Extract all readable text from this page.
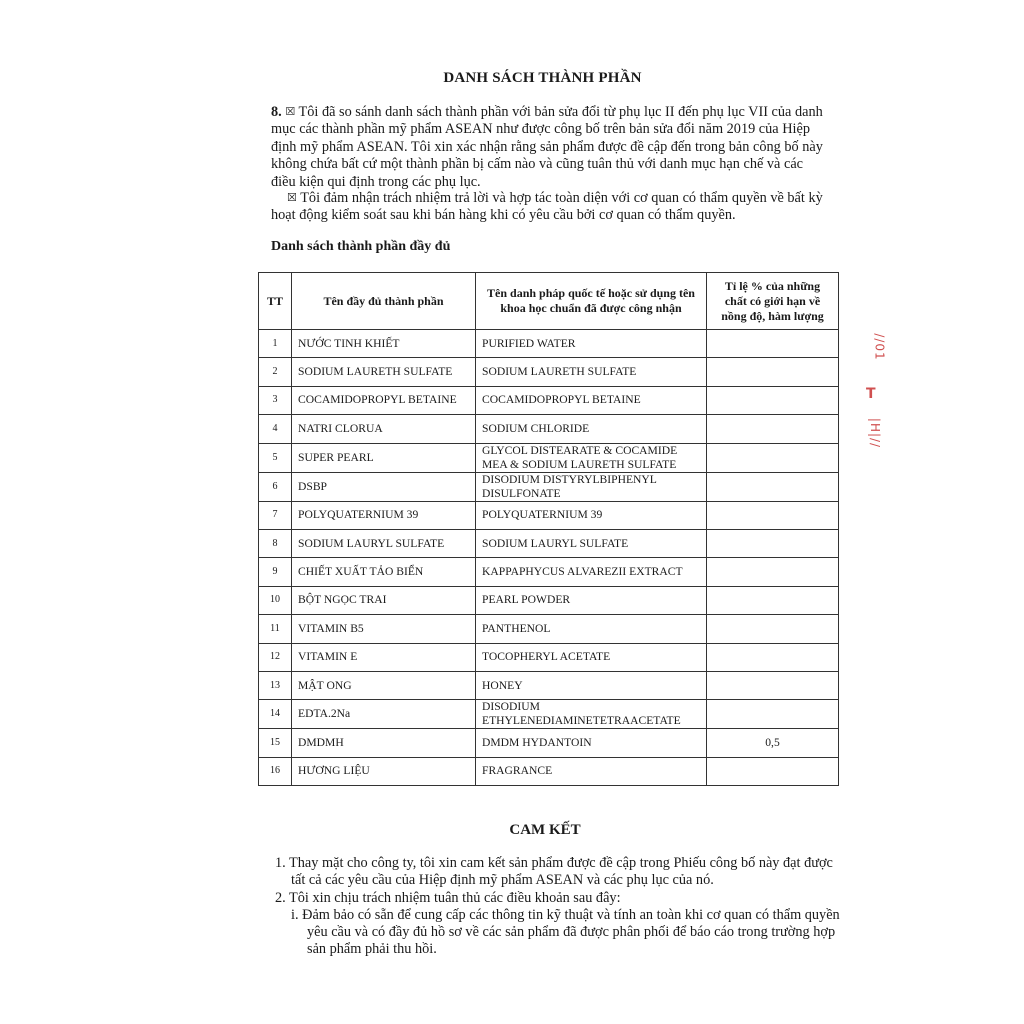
DANH SÁCH THÀNH PHẦN
8. ☒ Tôi đã so sánh danh sách thành phần với bản sửa đổi từ phụ lục II đến phụ lục VII của danh mục các thành phần mỹ phẩm ASEAN như được công bố trên bản sửa đổi năm 2019 của Hiệp định mỹ phẩm ASEAN. Tôi xin xác nhận rằng sản phẩm được đề cập đến trong bản công bố này không chứa bất cứ một thành phần bị cấm nào và cũng tuân thủ với danh mục hạn chế và các điều kiện qui định trong các phụ lục.
☒ Tôi đảm nhận trách nhiệm trả lời và hợp tác toàn diện với cơ quan có thẩm quyền về bất kỳ hoạt động kiểm soát sau khi bán hàng khi có yêu cầu bởi cơ quan có thẩm quyền.
Danh sách thành phần đầy đủ
TT	Tên đầy đủ thành phần	Tên danh pháp quốc tế hoặc sử dụng tên khoa học chuẩn đã được công nhận	Tỉ lệ % của những chất có giới hạn về nồng độ, hàm lượng
1	NƯỚC TINH KHIẾT	PURIFIED WATER	
2	SODIUM LAURETH SULFATE	SODIUM LAURETH SULFATE	
3	COCAMIDOPROPYL BETAINE	COCAMIDOPROPYL BETAINE	
4	NATRI CLORUA	SODIUM CHLORIDE	
5	SUPER PEARL	GLYCOL DISTEARATE & COCAMIDE MEA & SODIUM LAURETH SULFATE	
6	DSBP	DISODIUM DISTYRYLBIPHENYL DISULFONATE	
7	POLYQUATERNIUM 39	POLYQUATERNIUM 39	
8	SODIUM LAURYL SULFATE	SODIUM LAURYL SULFATE	
9	CHIẾT XUẤT TẢO BIỂN	KAPPAPHYCUS ALVAREZII EXTRACT	
10	BỘT NGỌC TRAI	PEARL POWDER	
11	VITAMIN B5	PANTHENOL	
12	VITAMIN E	TOCOPHERYL ACETATE	
13	MẬT ONG	HONEY	
14	EDTA.2Na	DISODIUM ETHYLENEDIAMINETETRAACETATE	
15	DMDMH	DMDM HYDANTOIN	0,5
16	HƯƠNG LIỆU	FRAGRANCE	
//01
T
|H|//
CAM KẾT
1. Thay mặt cho công ty, tôi xin cam kết sản phẩm được đề cập trong Phiếu công bố này đạt được tất cả các yêu cầu của Hiệp định mỹ phẩm ASEAN và các phụ lục của nó.
2. Tôi xin chịu trách nhiệm tuân thủ các điều khoản sau đây:
i. Đảm bảo có sẵn để cung cấp các thông tin kỹ thuật và tính an toàn khi cơ quan có thẩm quyền yêu cầu và có đầy đủ hồ sơ về các sản phẩm đã được phân phối để báo cáo trong trường hợp sản phẩm phải thu hồi.
